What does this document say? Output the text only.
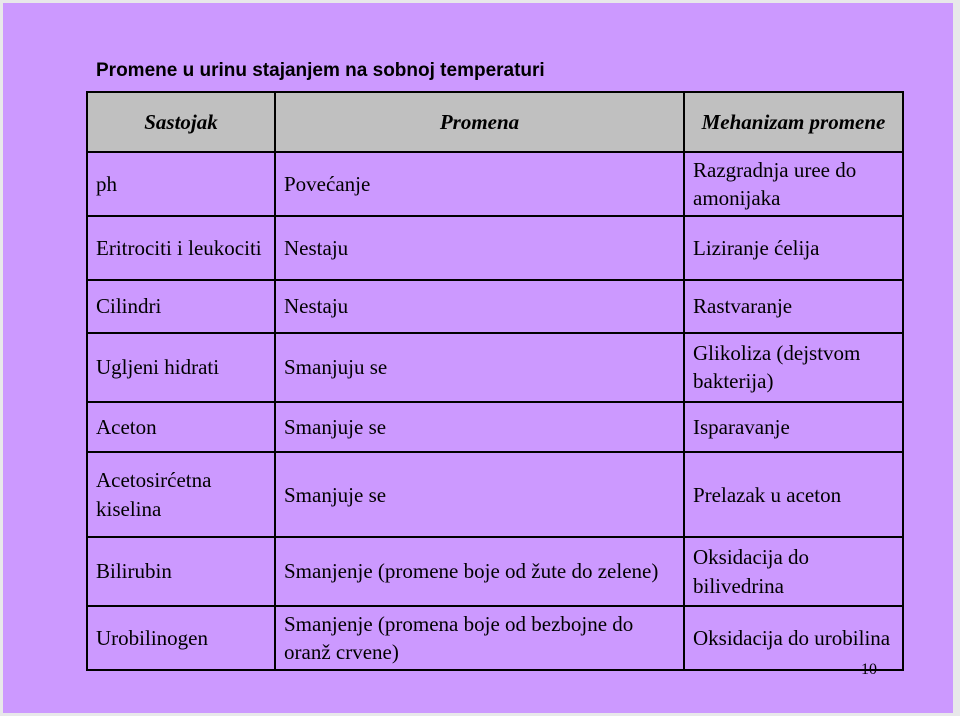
Promene u urinu stajanjem na sobnoj temperaturi
Sastojak	Promena	Mehanizam promene
ph	Povećanje	Razgradnja uree do amonijaka
Eritrociti i leukociti	Nestaju	Liziranje ćelija
Cilindri	Nestaju	Rastvaranje
Ugljeni hidrati	Smanjuju se	Glikoliza (dejstvom bakterija)
Aceton	Smanjuje se	Isparavanje
Acetosirćetna kiselina	Smanjuje se	Prelazak u aceton
Bilirubin	Smanjenje (promene boje od žute do zelene)	Oksidacija do bilivedrina
Urobilinogen	Smanjenje (promena boje od bezbojne do oranž crvene)	Oksidacija do urobilina
10
